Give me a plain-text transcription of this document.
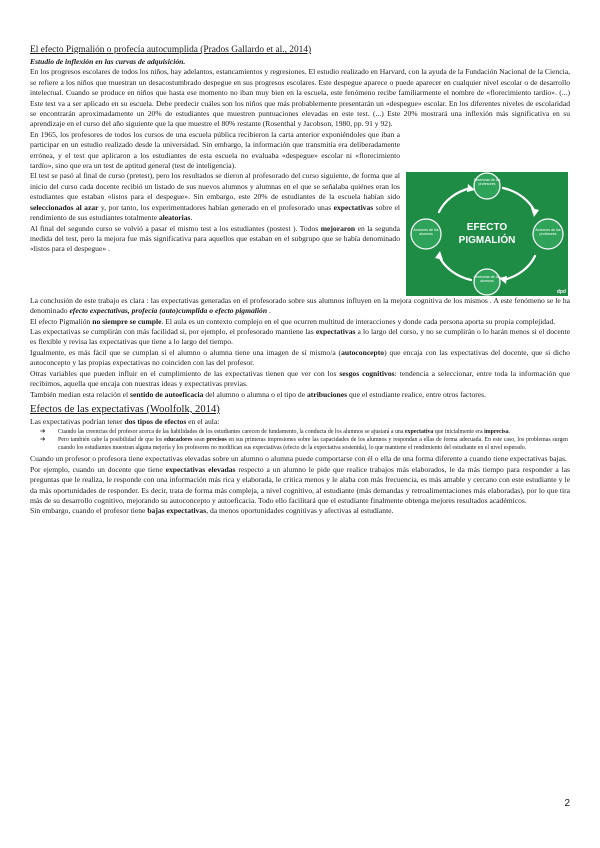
El efecto Pigmalión o profecía autocumplida (Prados Gallardo et al., 2014)

Estudio de inflexión en las curvas de adquisición.

En los progresos escolares de todos los niños, hay adelantos, estancamientos y regresiones. El estudio realizado en Harvard, con la ayuda de la Fundación Nacional de la Ciencia, se refiere a los niños que muestran un desacostumbrado despegue en sus progresos escolares. Este despegue aparece o puede aparecer en cualquier nivel escolar o de desarrollo intelectual. Cuando se produce en niños que hasta ese momento no iban muy bien en la escuela, este fenómeno recibe familiarmente el nombre de «florecimiento tardío». (...) Este test va a ser aplicado en su escuela. Debe predecir cuáles son los niños que más probablemente presentarán un «despegue» escolar. En los diferentes niveles de escolaridad se encontrarán aproximadamente un 20% de estudiantes que muestren puntuaciones elevadas en este test. (...) Este 20% mostrará una inflexión más significativa en su aprendizaje en el curso del año siguiente que la que muestre el 80% restante (Rosenthal y Jacobson, 1980, pp. 91 y 92).

En 1965, los profesores de todos los cursos de una escuela pública recibieron la carta anterior exponiéndoles que iban a participar en un estudio realizado desde la universidad. Sin embargo, la información que transmitía era deliberadamente errónea, y el test que aplicaron a los estudiantes de esta escuela no evaluaba «despegue» escolar ni «florecimiento tardío», sino que era un test de aptitud general (test de inteligencia).

El test se pasó al final de curso (pretest), pero los resultados se dieron al profesorado del curso siguiente, de forma que al inicio del curso cada docente recibió un listado de sus nuevos alumnos y alumnas en el que se señalaba quiénes eran los estudiantes que estaban «listos para el despegue». Sin embargo, este 20% de estudiantes de la escuela habían sido seleccionados al azar y, por tanto, los experimentadores habían generado en el profesorado unas expectativas sobre el rendimiento de sus estudiantes totalmente aleatorias.

Al final del segundo curso se volvió a pasar el mismo test a los estudiantes (postest ). Todos mejoraron en la segunda medida del test, pero la mejora fue más significativa para aquellos que estaban en el subgrupo que se había denominado «listos para el despegue» .

EFECTO
PIGMALIÓN
Creencias de los profesores
Acciones de los profesores
Creencias de los alumnos
Acciones de los alumnos
dpd

La conclusión de este trabajo es clara : las expectativas generadas en el profesorado sobre sus alumnos influyen en la mejora cognitiva de los mismos . A este fenómeno se le ha denominado efecto expectativas, profecía (auto)cumplida o efecto pigmalión .

El efecto Pigmalión no siempre se cumple. El aula es un contexto complejo en el que ocurren multitud de interacciones y donde cada persona aporta su propia complejidad.

Las expectativas se cumplirán con más facilidad si, por ejemplo, el profesorado mantiene las expectativas a lo largo del curso, y no se cumplirán o lo harán menos si el docente es flexible y revisa las expectativas que tiene a lo largo del tiempo.

Igualmente, es más fácil que se cumplan si el alumno o alumna tiene una imagen de sí mismo/a (autoconcepto) que encaja con las expectativas del docente, que si dicho autoconcepto y las propias expectativas no coinciden con las del profesor.

Otras variables que pueden influir en el cumplimiento de las expectativas tienen que ver con los sesgos cognitivos: tendencia a seleccionar, entre toda la información que recibimos, aquella que encaja con nuestras ideas y expectativas previas.

También median esta relación el sentido de autoeficacia del alumno o alumna o el tipo de atribuciones que el estudiante realice, entre otros factores.

Efectos de las expectativas (Woolfolk, 2014)

Las expectativas podrían tener dos tipos de efectos en el aula:

➔ Cuando las creencias del profesor acerca de las habilidades de los estudiantes carecen de fundamento, la conducta de los alumnos se ajustará a una expectativa que inicialmente era imprecisa.
➔ Pero también cabe la posibilidad de que los educadores sean precisos en sus primeras impresiones sobre las capacidades de los alumnos y respondan a ellas de forma adecuada. En este caso, los problemas surgen cuando los estudiantes muestran alguna mejoría y los profesores no modifican sus expectativas (efecto de la expectativa sostenida), lo que mantiene el rendimiento del estudiante en el nivel esperado.

Cuando un profesor o profesora tiene expectativas elevadas sobre un alumno o alumna puede comportarse con él o ella de una forma diferente a cuando tiene expectativas bajas.

Por ejemplo, cuando un docente que tiene expectativas elevadas respecto a un alumno le pide que realice trabajos más elaborados, le da más tiempo para responder a las preguntas que le realiza, le responde con una información más rica y elaborada, le critica menos y le alaba con más frecuencia, es más amable y cercano con este estudiante y le da más oportunidades de responder. Es decir, trata de forma más compleja, a nivel cognitivo, al estudiante (más demandas y retroalimentaciones más elaboradas), por lo que tira más de su desarrollo cognitivo, mejorando su autoconcepto y autoeficacia. Todo ello facilitará que el estudiante finalmente obtenga mejores resultados académicos.

Sin embargo, cuando el profesor tiene bajas expectativas, da menos oportunidades cognitivas y afectivas al estudiante.

2
